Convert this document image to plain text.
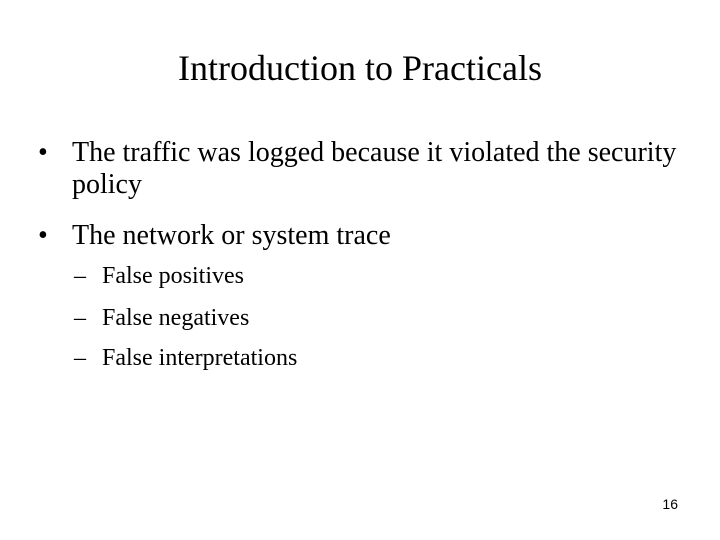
Introduction to Practicals
• The traffic was logged because it violated the security policy
• The network or system trace
– False positives
– False negatives
– False interpretations
16
